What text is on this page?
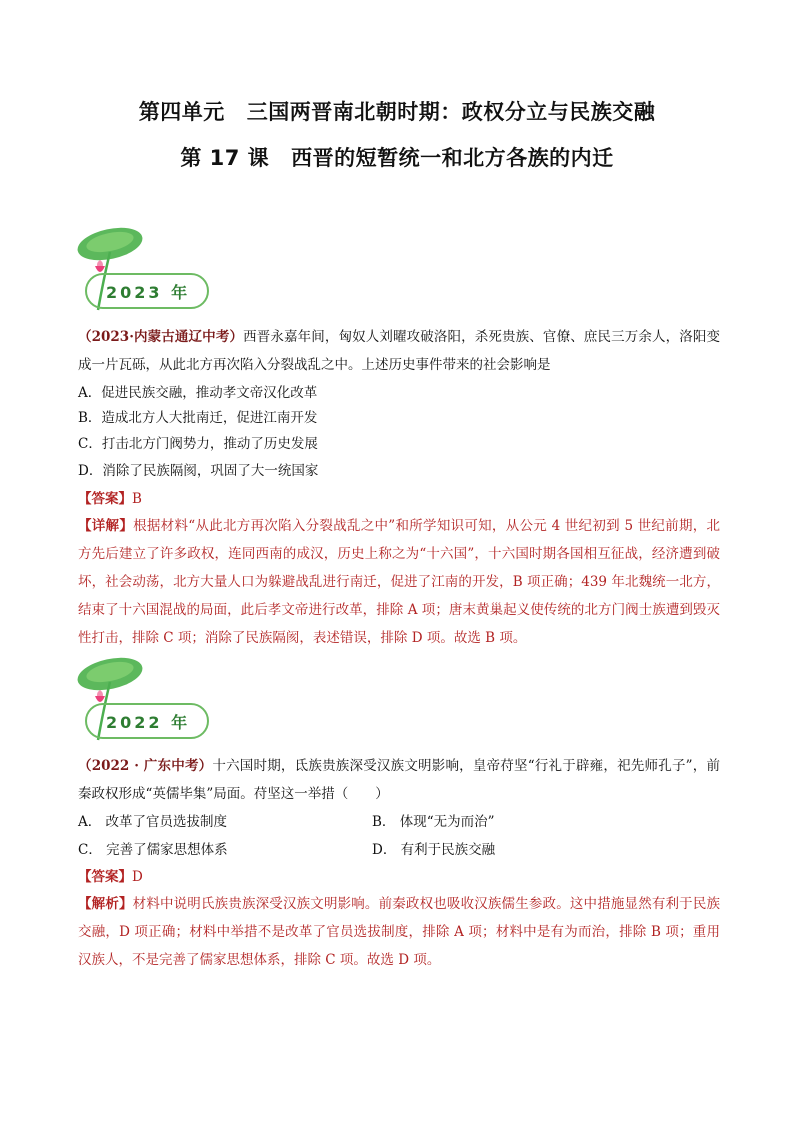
第四单元 三国两晋南北朝时期：政权分立与民族交融
第 17 课 西晋的短暂统一和北方各族的内迁
2023 年
（2023·内蒙古通辽中考）西晋永嘉年间，匈奴人刘曜攻破洛阳，杀死贵族、官僚、庶民三万余人，洛阳变成一片瓦砾，从此北方再次陷入分裂战乱之中。上述历史事件带来的社会影响是
A．促进民族交融，推动孝文帝汉化改革
B．造成北方人大批南迁，促进江南开发
C．打击北方门阀势力，推动了历史发展
D．消除了民族隔阂，巩固了大一统国家
【答案】B
【详解】根据材料“从此北方再次陷入分裂战乱之中”和所学知识可知，从公元 4 世纪初到 5 世纪前期，北方先后建立了许多政权，连同西南的成汉，历史上称之为“十六国”，十六国时期各国相互征战，经济遭到破坏，社会动荡，北方大量人口为躲避战乱进行南迁，促进了江南的开发，B 项正确；439 年北魏统一北方，结束了十六国混战的局面，此后孝文帝进行改革，排除 A 项；唐末黄巢起义使传统的北方门阀士族遭到毁灭性打击，排除 C 项；消除了民族隔阂，表述错误，排除 D 项。故选 B 项。
2022 年
（2022 · 广东中考）十六国时期，氐族贵族深受汉族文明影响，皇帝苻坚“行礼于辟雍，祀先师孔子”，前秦政权形成“英儒毕集”局面。苻坚这一举措（　　）
A． 改革了官员选拔制度	B． 体现“无为而治”
C． 完善了儒家思想体系	D． 有利于民族交融
【答案】D
【解析】材料中说明氏族贵族深受汉族文明影响。前秦政权也吸收汉族儒生参政。这中措施显然有利于民族交融，D 项正确；材料中举措不是改革了官员选拔制度，排除 A 项；材料中是有为而治，排除 B 项；重用汉族人，不是完善了儒家思想体系，排除 C 项。故选 D 项。
